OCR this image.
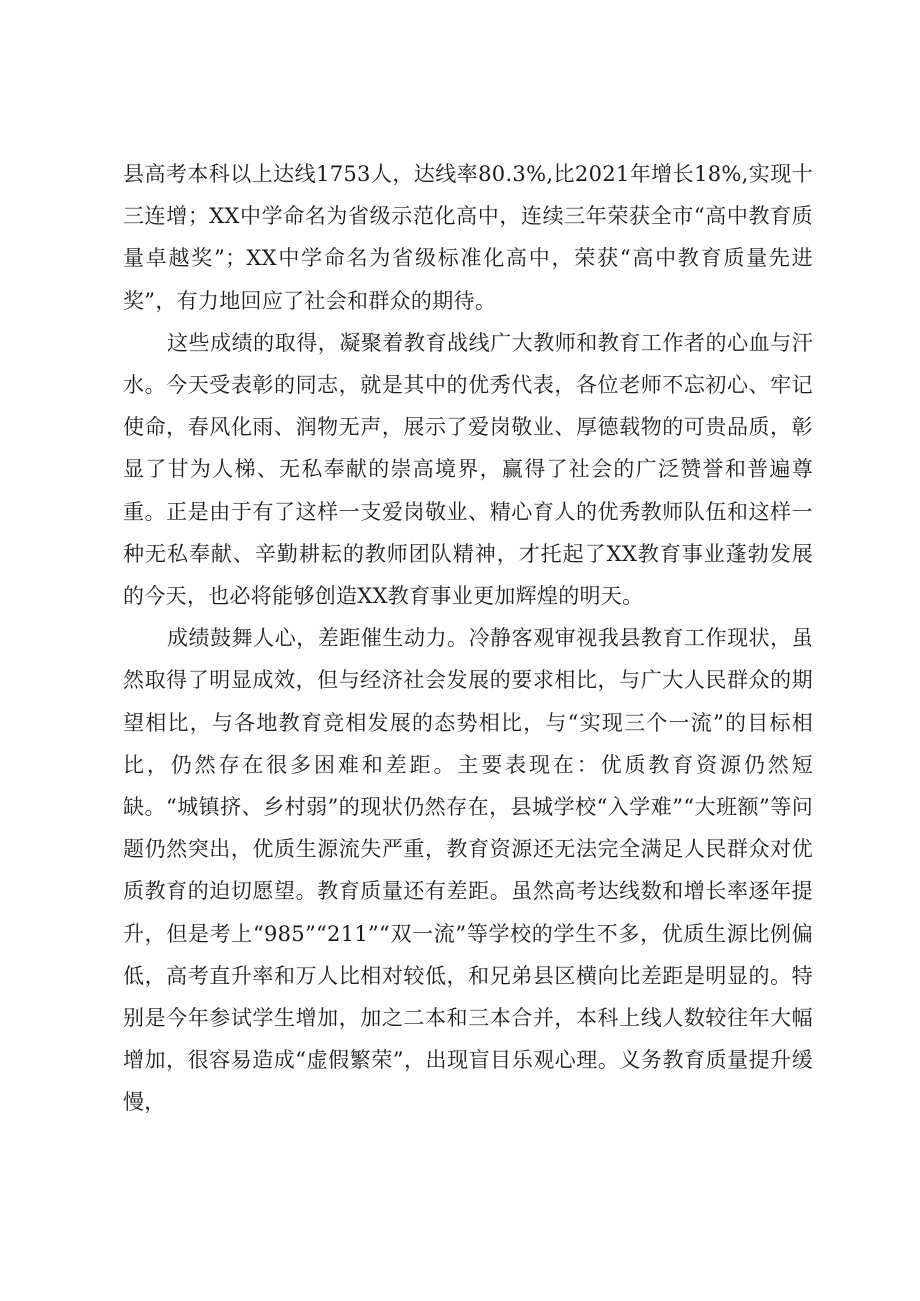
县高考本科以上达线1753人，达线率80.3%,比2021年增长18%,实现十三连增；XX中学命名为省级示范化高中，连续三年荣获全市“高中教育质量卓越奖”；XX中学命名为省级标准化高中，荣获“高中教育质量先进奖”，有力地回应了社会和群众的期待。

这些成绩的取得，凝聚着教育战线广大教师和教育工作者的心血与汗水。今天受表彰的同志，就是其中的优秀代表，各位老师不忘初心、牢记使命，春风化雨、润物无声，展示了爱岗敬业、厚德载物的可贵品质，彰显了甘为人梯、无私奉献的崇高境界，赢得了社会的广泛赞誉和普遍尊重。正是由于有了这样一支爱岗敬业、精心育人的优秀教师队伍和这样一种无私奉献、辛勤耕耘的教师团队精神，才托起了XX教育事业蓬勃发展的今天，也必将能够创造XX教育事业更加辉煌的明天。

成绩鼓舞人心，差距催生动力。冷静客观审视我县教育工作现状，虽然取得了明显成效，但与经济社会发展的要求相比，与广大人民群众的期望相比，与各地教育竞相发展的态势相比，与“实现三个一流”的目标相比，仍然存在很多困难和差距。主要表现在：优质教育资源仍然短缺。“城镇挤、乡村弱”的现状仍然存在，县城学校“入学难”“大班额”等问题仍然突出，优质生源流失严重，教育资源还无法完全满足人民群众对优质教育的迫切愿望。教育质量还有差距。虽然高考达线数和增长率逐年提升，但是考上“985”“211”“双一流”等学校的学生不多，优质生源比例偏低，高考直升率和万人比相对较低，和兄弟县区横向比差距是明显的。特别是今年参试学生增加，加之二本和三本合并，本科上线人数较往年大幅增加，很容易造成“虚假繁荣”，出现盲目乐观心理。义务教育质量提升缓慢，
